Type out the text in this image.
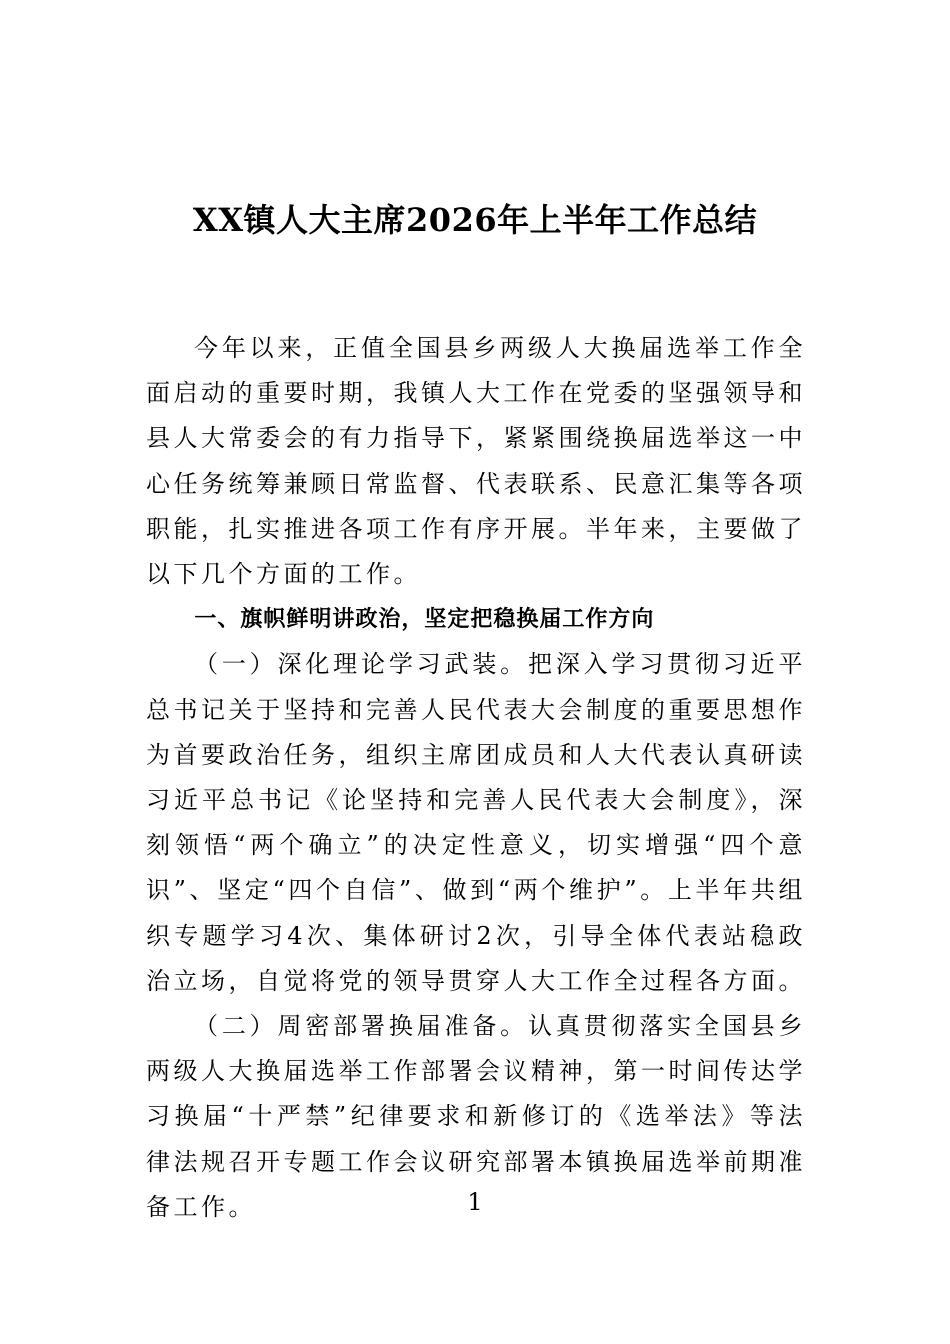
XX镇人大主席2026年上半年工作总结

今年以来，正值全国县乡两级人大换届选举工作全面启动的重要时期，我镇人大工作在党委的坚强领导和县人大常委会的有力指导下，紧紧围绕换届选举这一中心任务统筹兼顾日常监督、代表联系、民意汇集等各项职能，扎实推进各项工作有序开展。半年来，主要做了以下几个方面的工作。

一、旗帜鲜明讲政治，坚定把稳换届工作方向

（一）深化理论学习武装。把深入学习贯彻习近平总书记关于坚持和完善人民代表大会制度的重要思想作为首要政治任务，组织主席团成员和人大代表认真研读习近平总书记《论坚持和完善人民代表大会制度》，深刻领悟“两个确立”的决定性意义，切实增强“四个意识”、坚定“四个自信”、做到“两个维护”。上半年共组织专题学习4次、集体研讨2次，引导全体代表站稳政治立场，自觉将党的领导贯穿人大工作全过程各方面。

（二）周密部署换届准备。认真贯彻落实全国县乡两级人大换届选举工作部署会议精神，第一时间传达学习换届“十严禁”纪律要求和新修订的《选举法》等法律法规召开专题工作会议研究部署本镇换届选举前期准备工作。	1
